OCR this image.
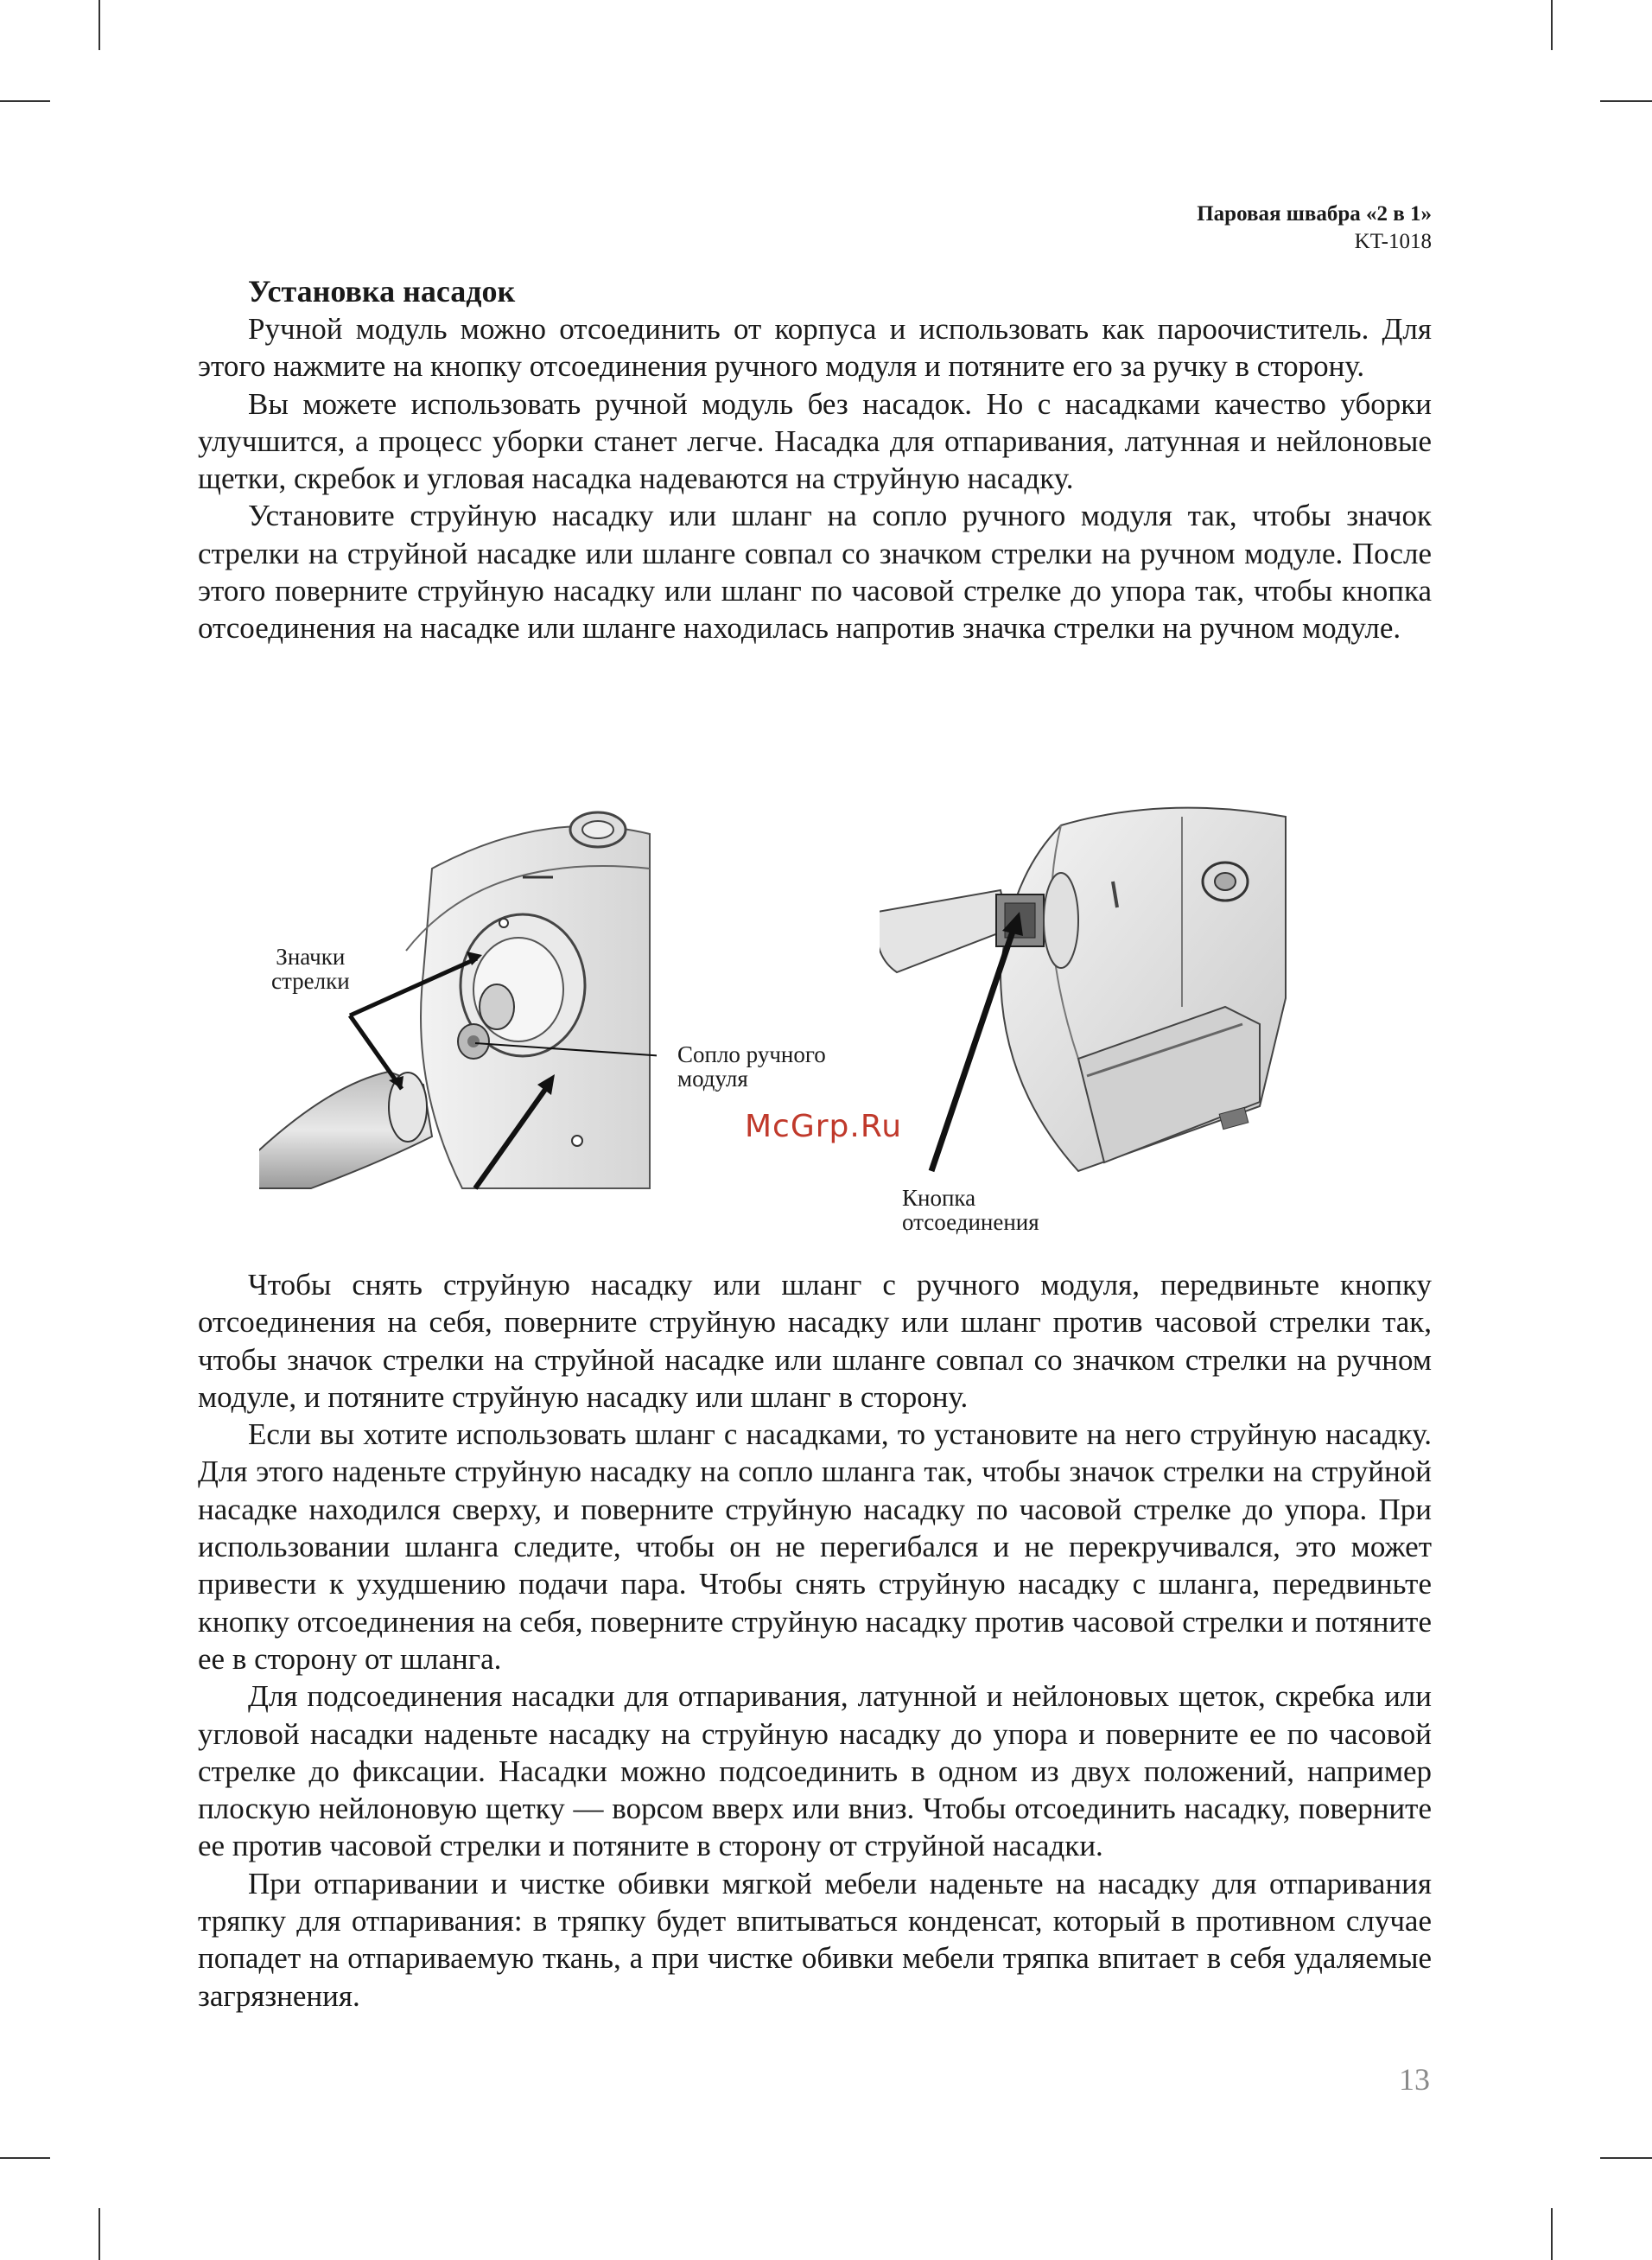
Паровая швабра «2 в 1»
KT-1018

Установка насадок

Ручной модуль можно отсоединить от корпуса и использовать как пароочиститель. Для этого нажмите на кнопку отсоединения ручного модуля и потяните его за ручку в сторону.

Вы можете использовать ручной модуль без насадок. Но с насадками качество уборки улучшится, а процесс уборки станет легче. Насадка для отпаривания, латунная и нейлоновые щетки, скребок и угловая насадка надеваются на струйную насадку.

Установите струйную насадку или шланг на сопло ручного модуля так, чтобы значок стрелки на струйной насадке или шланге совпал со значком стрелки на ручном модуле. После этого поверните струйную насадку или шланг по часовой стрелке до упора так, чтобы кнопка отсоединения на насадке или шланге находилась напротив значка стрелки на ручном модуле.

Значки
стрелки
Сопло ручного
модуля
Кнопка
отсоединения
McGrp.Ru

Чтобы снять струйную насадку или шланг с ручного модуля, передвиньте кнопку отсоединения на себя, поверните струйную насадку или шланг против часовой стрелки так, чтобы значок стрелки на струйной насадке или шланге совпал со значком стрелки на ручном модуле, и потяните струйную насадку или шланг в сторону.

Если вы хотите использовать шланг с насадками, то установите на него струйную насадку. Для этого наденьте струйную насадку на сопло шланга так, чтобы значок стрелки на струйной насадке находился сверху, и поверните струйную насадку по часовой стрелке до упора. При использовании шланга следите, чтобы он не перегибался и не перекручивался, это может привести к ухудшению подачи пара. Чтобы снять струйную насадку с шланга, передвиньте кнопку отсоединения на себя, поверните струйную насадку против часовой стрелки и потяните ее в сторону от шланга.

Для подсоединения насадки для отпаривания, латунной и нейлоновых щеток, скребка или угловой насадки наденьте насадку на струйную насадку до упора и поверните ее по часовой стрелке до фиксации. Насадки можно подсоединить в одном из двух положений, например плоскую нейлоновую щетку — ворсом вверх или вниз. Чтобы отсоединить насадку, поверните ее против часовой стрелки и потяните в сторону от струйной насадки.

При отпаривании и чистке обивки мягкой мебели наденьте на насадку для отпаривания тряпку для отпаривания: в тряпку будет впитываться конденсат, который в противном случае попадет на отпариваемую ткань, а при чистке обивки мебели тряпка впитает в себя удаляемые загрязнения.

13
